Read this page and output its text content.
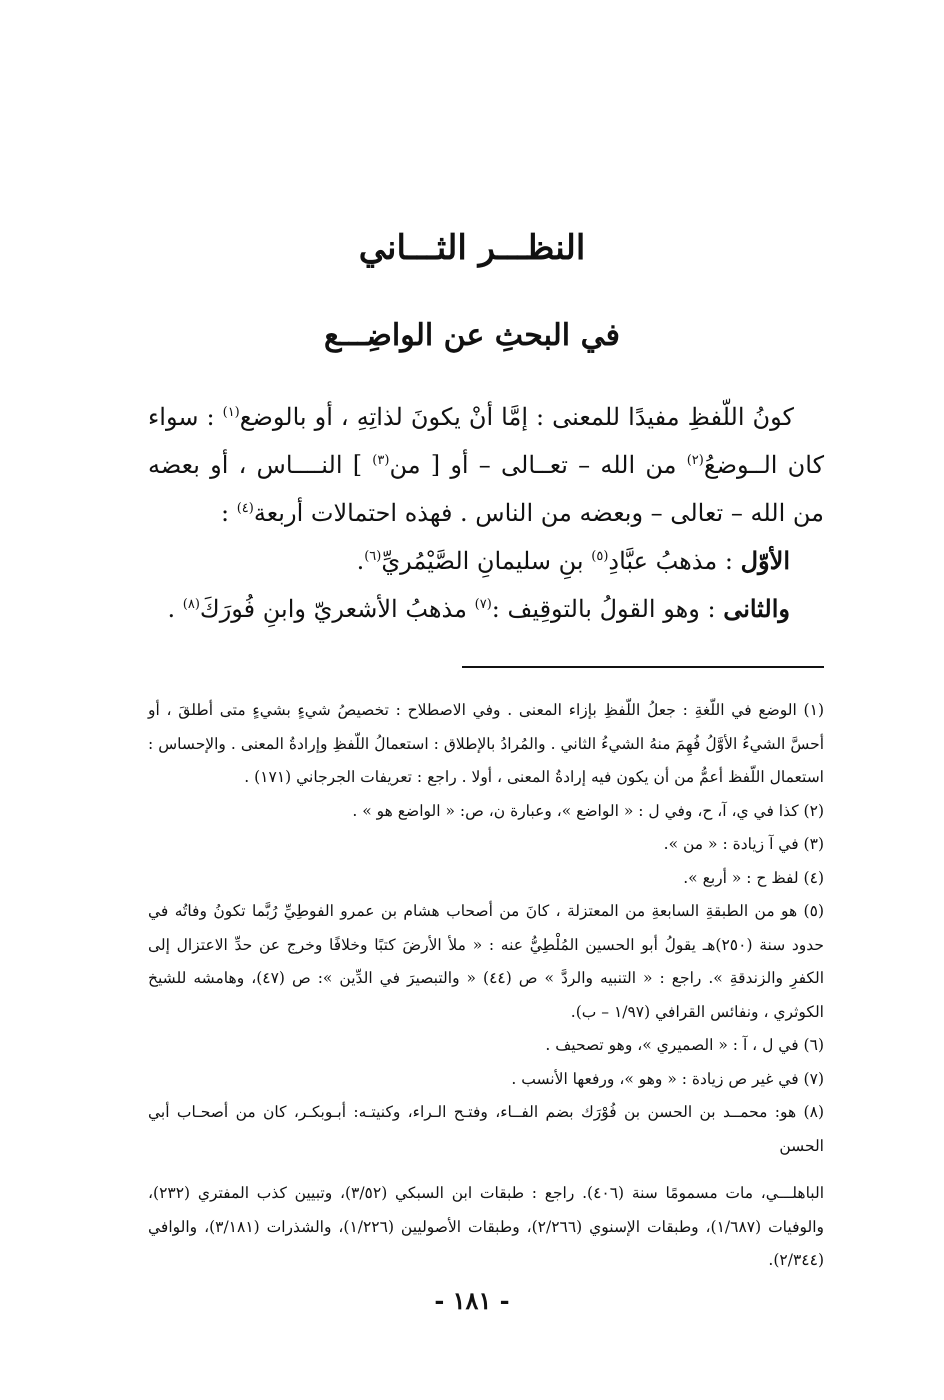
النظـــر الثـــاني
في البحثِ عن الواضِـــع

كونُ اللّفظِ مفيدًا للمعنى : إمَّا أنْ يكونَ لذاتِهِ ، أو بالوضع$^{(١)}$ : سواء كان الــوضعُ$^{(٢)}$ من الله – تعــالى – أو [ من$^{(٣)}$ ] النــــاس ، أو بعضه من الله – تعالى – وبعضه من الناس . فهذه احتمالات أربعة$^{(٤)}$ :

الأوّل : مذهبُ عبَّادِ$^{(٥)}$ بنِ سليمانِ الصَّيْمُريِّ$^{(٦)}$.

والثانى : وهو القولُ بالتوقِيف :$^{(٧)}$ مذهبُ الأشعريّ وابنِ فُورَكَ$^{(٨)}$ .

(١) الوضع في اللّغةِ : جعلُ اللّفظِ بإزاء المعنى . وفي الاصطلاح : تخصيصُ شيءٍ بشيءٍ متى أطلقَ ، أو أحسَّ الشيءُ الأوَّلُ فُهِمَ منهُ الشيءُ الثاني . والمُرادُ بالإطلاق : استعمالُ اللّفظِ وإرادةُ المعنى . والإحساس : استعمال اللّفظ أعمُّ من أن يكون فيه إرادةُ المعنى ، أولا . راجع : تعريفات الجرجاني (١٧١) .

(٢) كذا في ي، آ، ح، وفي ل : « الواضع »، وعبارة ن، ص: « الواضع هو » .

(٣) في آ زيادة : « من ».

(٤) لفظ ح : « أربع ».

(٥) هو من الطبقةِ السابعةِ من المعتزلة ، كانَ من أصحاب هشام بن عمرو الفوطِيِّ رُبَّما تكونُ وفاتُه في حدود سنة (٢٥٠)هـ يقولُ أبو الحسين المُلْطِيُّ عنه : « ملأ الأرضَ كتبًا وخلافًا وخرج عن حدِّ الاعتزال إلى الكفرِ والزندقةِ ». راجع : « التنبيه والردَّ » ص (٤٤) « والتبصيرَ في الدِّين »: ص (٤٧)، وهامشه للشيخ الكوثري ، ونفائس القرافي (١/٩٧ – ب).

(٦) في ل ، آ : « الصميري »، وهو تصحيف .

(٧) في غير ص زيادة : « وهو »، ورفعها الأنسب .

(٨) هو: محمــد بن الحسن بن فُوْرَك بضم الفــاء، وفتـح الـراء، وكنيتـه: أبـوبكـر، كان من أصحـاب أبي الحسن

الباهلـــي، مات مسمومًا سنة (٤٠٦). راجع : طبقات ابن السبكي (٣/٥٢)، وتبيين كذب المفتري (٢٣٢)، والوفيات (١/٦٨٧)، وطبقات الإسنوي (٢/٢٦٦)، وطبقات الأصوليين (١/٢٢٦)، والشذرات (٣/١٨١)، والوافي (٢/٣٤٤).

- ١٨١ -
